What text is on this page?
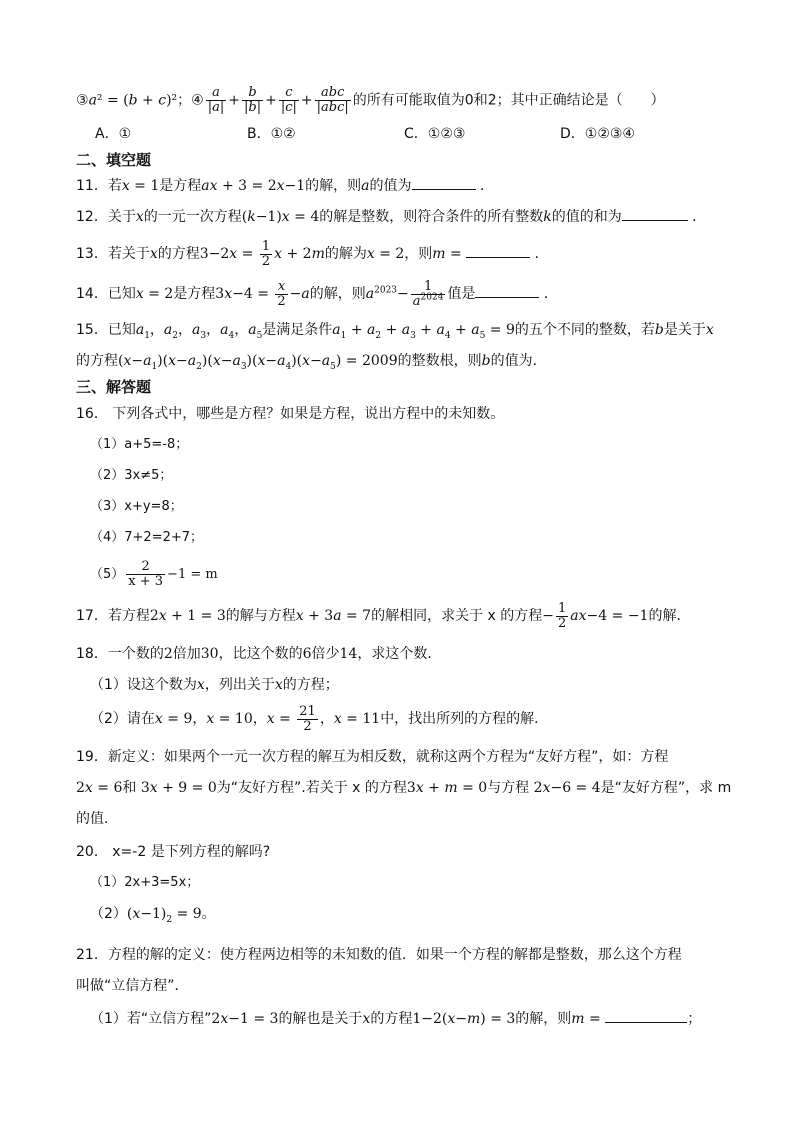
③a² = (b + c)²；④ $\frac{a}{|a|} + \frac{b}{|b|} + \frac{c}{|c|} + \frac{\text{abc}}{\text{|abc|}}$ 的所有可能取值为0和2；其中正确结论是（　　）
A．①	B．①②	C．①②③	D．①②③④
二、填空题
11．若x = 1是方程ax + 3 = 2x−1的解，则a的值为	．
12．关于x的一元一次方程(k−1)x = 4的解是整数，则符合条件的所有整数k的值的和为	．
13．若关于x的方程$3-2x = \frac{1}{2}$ x + 2m的解为x = 2，则m =	．
14．已知x = 2是方程$3x-4 = \frac{x}{2} -a$的解，则$a^{2023}- \frac{1}{a^{2024}}$ 值是	．
15．已知$a_1$，$a_2$，$a_3$，$a_4$，$a_5$是满足条件$a_1 + a_2 + a_3 + a_4 + a_5 = 9$的五个不同的整数，若b是关于x
的方程$(x-a_1)(x-a_2)(x-a_3)(x-a_4)(x-a_5) = 2009$的整数根，则b的值为．
三、解答题
16． 下列各式中，哪些是方程？如果是方程，说出方程中的未知数。
（1）a+5=-8；
（2）3x≠5；
（3）x+y=8；
（4）7+2=2+7；
$(5) \frac{2}{x + 3} -1 = m$
17．若方程2x + 1 = 3的解与方程x + 3a = 7的解相同，求关于 x 的方程− $\frac{1}{2} ax-4 = -1$的解．
18．一个数的2倍加30，比这个数的6倍少14，求这个数．
（1）设这个数为x，列出关于x的方程；
（2）请在x = 9，x = 10，$x = \frac{21}{2}$ ，x = 11中，找出所列的方程的解．
19．新定义：如果两个一元一次方程的解互为相反数，就称这两个方程为“友好方程”，如：方程
2x = 6和 3x + 9 = 0为“友好方程”.若关于 x 的方程3x + m = 0与方程 2x−6 = 4是“友好方程”，求 m
的值．
20． x=-2 是下列方程的解吗?
（1）2x+3=5x；
$(2)(x-1)_2 = 9$。
21．方程的解的定义：使方程两边相等的未知数的值．如果一个方程的解都是整数，那么这个方程
叫做“立信方程”．
（1）若“立信方程”2x−1 = 3的解也是关于x的方程1−2(x−m) = 3的解，则m =	；
